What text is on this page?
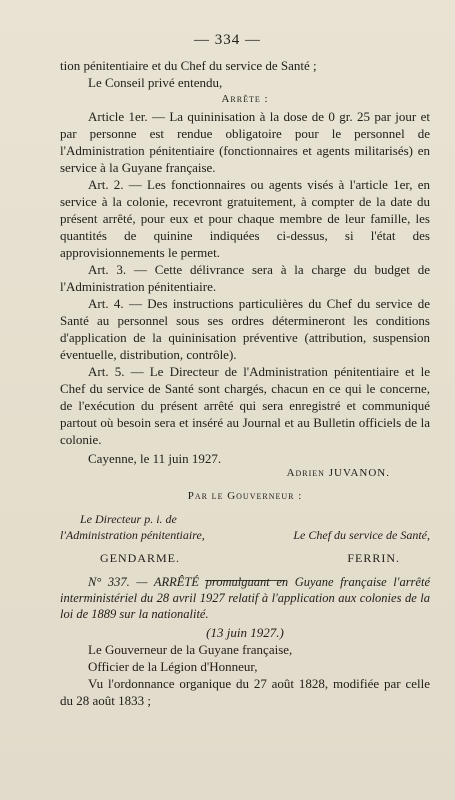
— 334 —

tion pénitentiaire et du Chef du service de Santé ;

Le Conseil privé entendu,

Arrête :

Article 1er. — La quininisation à la dose de 0 gr. 25 par jour et par personne est rendue obligatoire pour le personnel de l'Administration pénitentiaire (fonctionnaires et agents militarisés) en service à la Guyane française.

Art. 2. — Les fonctionnaires ou agents visés à l'article 1er, en service à la colonie, recevront gratuitement, à compter de la date du présent arrêté, pour eux et pour chaque membre de leur famille, les quantités de quinine indiquées ci-dessus, si l'état des approvisionnements le permet.

Art. 3. — Cette délivrance sera à la charge du budget de l'Administration pénitentiaire.

Art. 4. — Des instructions particulières du Chef du service de Santé au personnel sous ses ordres détermineront les conditions d'application de la quininisation préventive (attribution, suspension éventuelle, distribution, contrôle).

Art. 5. — Le Directeur de l'Administration pénitentiaire et le Chef du service de Santé sont chargés, chacun en ce qui le concerne, de l'exécution du présent arrêté qui sera enregistré et communiqué partout où besoin sera et inséré au Journal et au Bulletin officiels de la colonie.

Cayenne, le 11 juin 1927.

Adrien JUVANON.

Par le Gouverneur :

Le Directeur p. i. de
l'Administration pénitentiaire,	Le Chef du service de Santé,
GENDARME.	FERRIN.

N° 337. — ARRÊTÉ promulguant en Guyane française l'arrêté interministériel du 28 avril 1927 relatif à l'application aux colonies de la loi de 1889 sur la nationalité.

(13 juin 1927.)

Le Gouverneur de la Guyane française,

Officier de la Légion d'Honneur,

Vu l'ordonnance organique du 27 août 1828, modifiée par celle du 28 août 1833 ;
